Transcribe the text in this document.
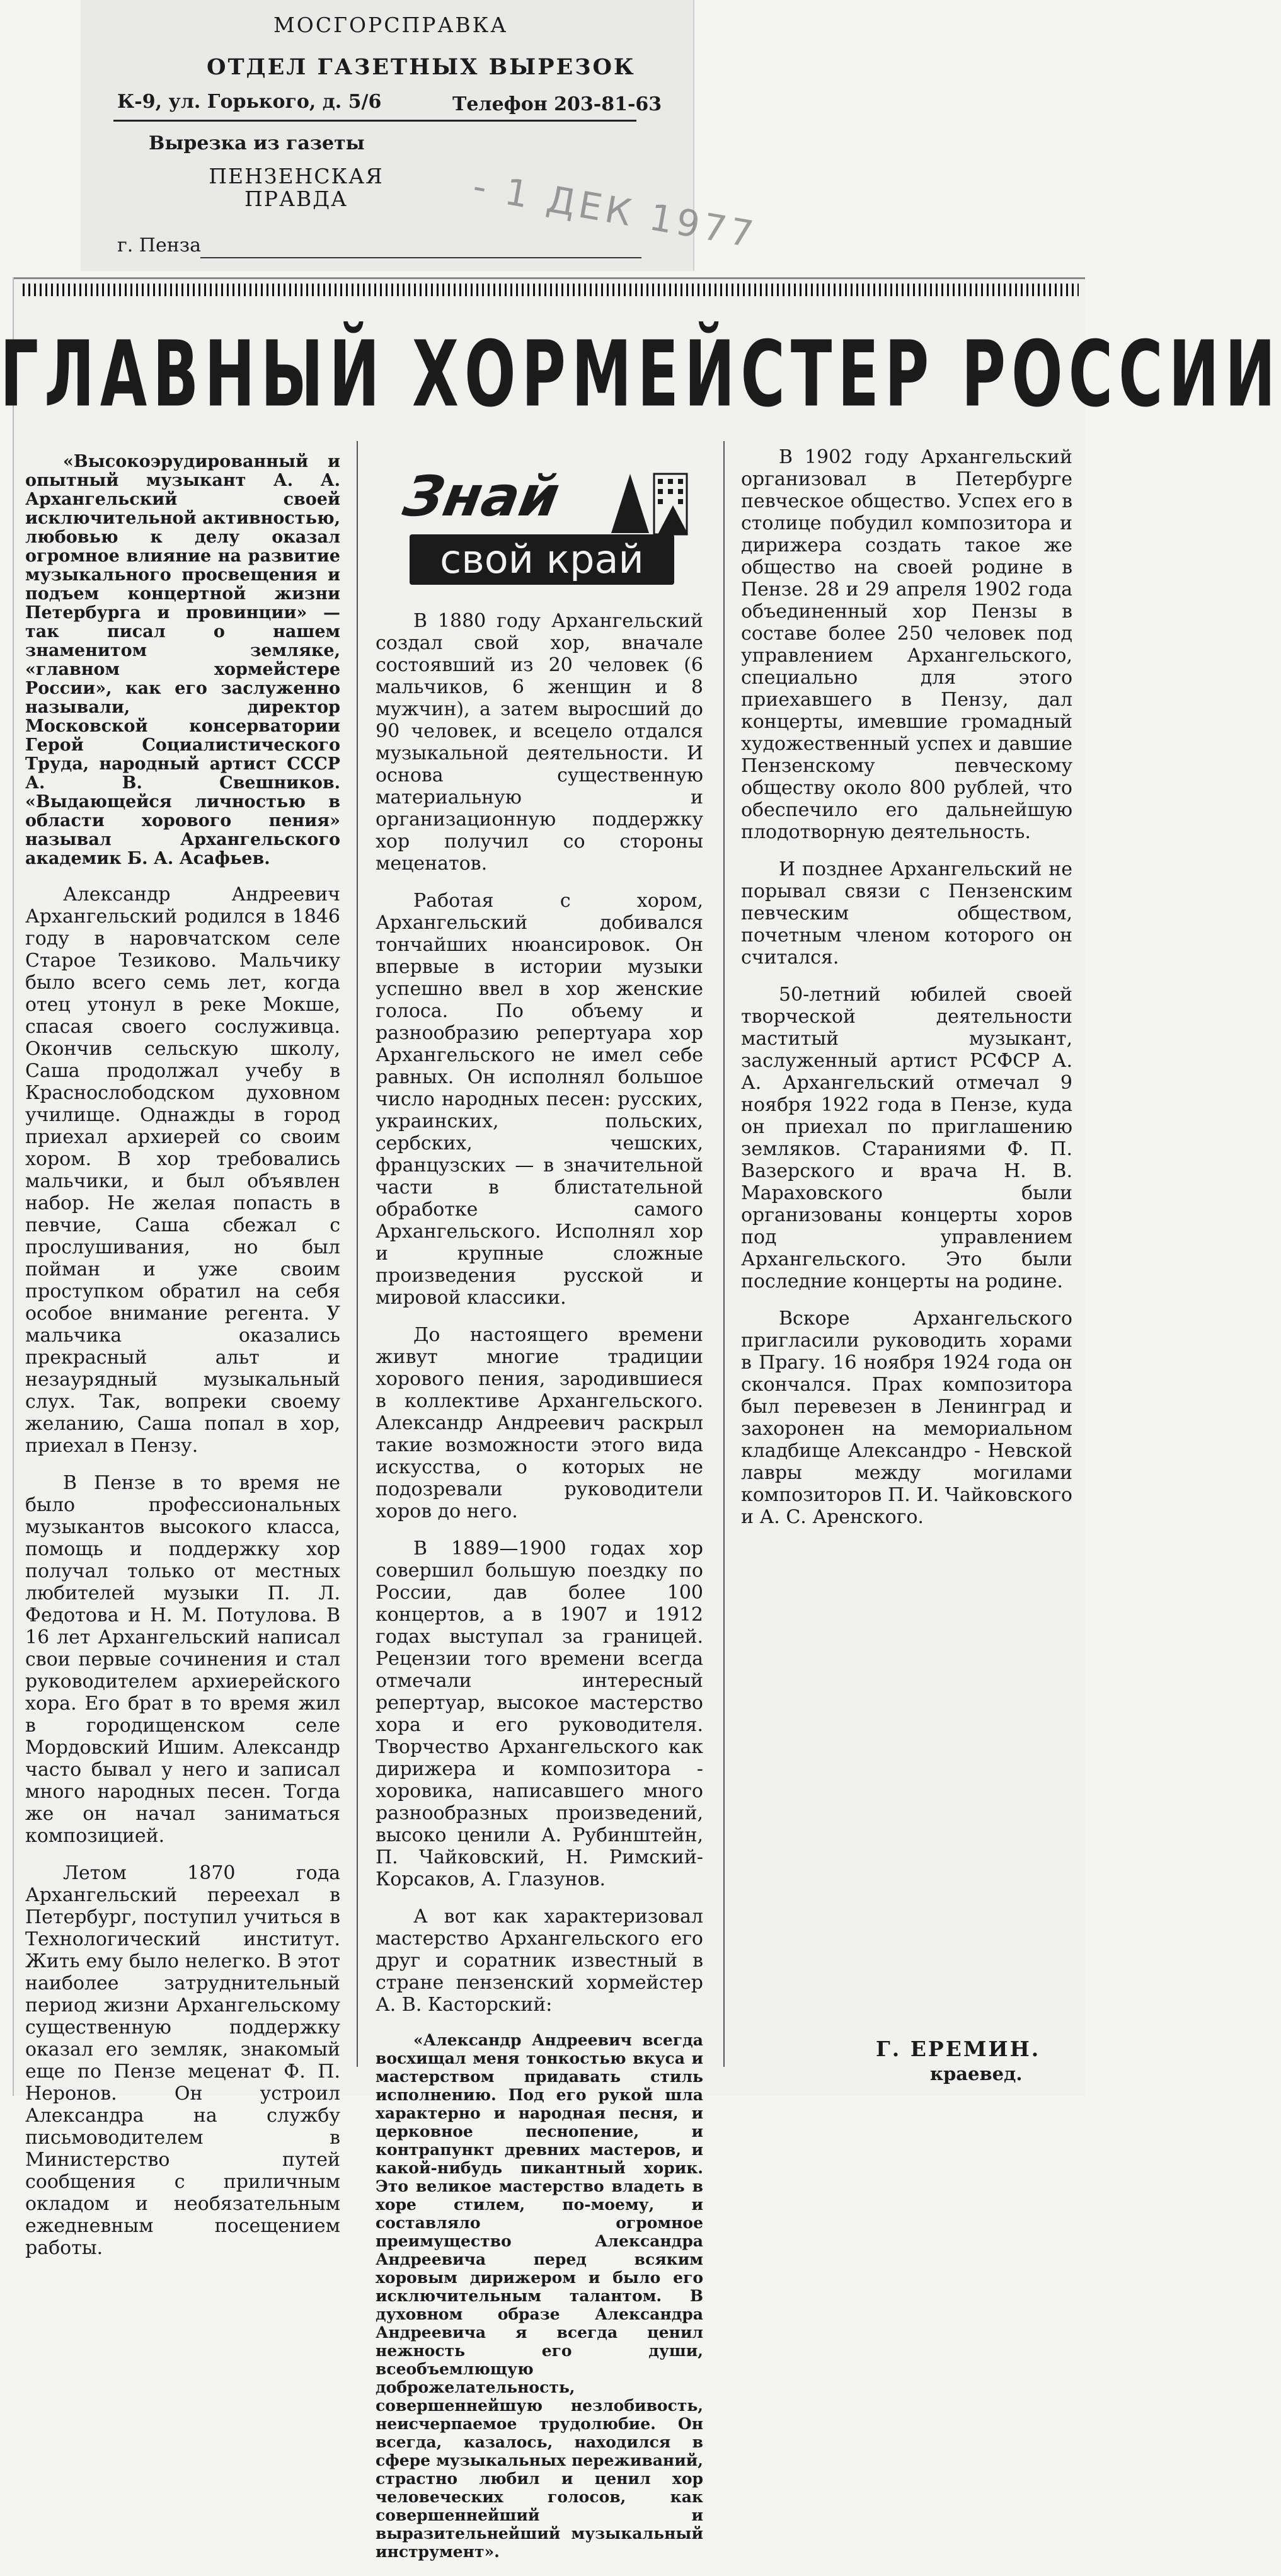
МОСГОРСПРАВКА
ОТДЕЛ ГАЗЕТНЫХ ВЫРЕЗОК
К-9, ул. Горького, д. 5/6	Телефон 203-81-63
Вырезка из газеты
ПЕНЗЕНСКАЯ ПРАВДА
г. Пенза	- 1 ДЕК 1977
ГЛАВНЫЙ ХОРМЕЙСТЕР РОССИИ
Знай
свой край

«Высокоэрудированный и опытный музыкант А. А. Архангельский своей исключительной активностью, любовью к делу оказал огромное влияние на развитие музыкального просвещения и подъем концертной жизни Петербурга и провинции» — так писал о нашем знаменитом земляке, «главном хормейстере России», как его заслуженно называли, директор Московской консерватории Герой Социалистического Труда, народный артист СССР А. В. Свешников. «Выдающейся личностью в области хорового пения» называл Архангельского академик Б. А. Асафьев.

Александр Андреевич Архангельский родился в 1846 году в наровчатском селе Старое Тезиково. Мальчику было всего семь лет, когда отец утонул в реке Мокше, спасая своего сослуживца. Окончив сельскую школу, Саша продолжал учебу в Краснослободском духовном училище. Однажды в город приехал архиерей со своим хором. В хор требовались мальчики, и был объявлен набор. Не желая попасть в певчие, Саша сбежал с прослушивания, но был пойман и уже своим проступком обратил на себя особое внимание регента. У мальчика оказались прекрасный альт и незаурядный музыкальный слух. Так, вопреки своему желанию, Саша попал в хор, приехал в Пензу.

В Пензе в то время не было профессиональных музыкантов высокого класса, помощь и поддержку хор получал только от местных любителей музыки П. Л. Федотова и Н. М. Потулова. В 16 лет Архангельский написал свои первые сочинения и стал руководителем архиерейского хора. Его брат в то время жил в городищенском селе Мордовский Ишим. Александр часто бывал у него и записал много народных песен. Тогда же он начал заниматься композицией.

Летом 1870 года Архангельский переехал в Петербург, поступил учиться в Технологический институт. Жить ему было нелегко. В этот наиболее затруднительный период жизни Архангельскому существенную поддержку оказал его земляк, знакомый еще по Пензе меценат Ф. П. Неронов. Он устроил Александра на службу письмоводителем в Министерство путей сообщения с приличным окладом и необязательным ежедневным посещением работы.

В 1880 году Архангельский создал свой хор, вначале состоявший из 20 человек (6 мальчиков, 6 женщин и 8 мужчин), а затем выросший до 90 человек, и всецело отдался музыкальной деятельности. И основа существенную материальную и организационную поддержку хор получил со стороны меценатов.

Работая с хором, Архангельский добивался тончайших нюансировок. Он впервые в истории музыки успешно ввел в хор женские голоса. По объему и разнообразию репертуара хор Архангельского не имел себе равных. Он исполнял большое число народных песен: русских, украинских, польских, сербских, чешских, французских — в значительной части в блистательной обработке самого Архангельского. Исполнял хор и крупные сложные произведения русской и мировой классики.

До настоящего времени живут многие традиции хорового пения, зародившиеся в коллективе Архангельского. Александр Андреевич раскрыл такие возможности этого вида искусства, о которых не подозревали руководители хоров до него.

В 1889—1900 годах хор совершил большую поездку по России, дав более 100 концертов, а в 1907 и 1912 годах выступал за границей. Рецензии того времени всегда отмечали интересный репертуар, высокое мастерство хора и его руководителя. Творчество Архангельского как дирижера и композитора - хоровика, написавшего много разнообразных произведений, высоко ценили А. Рубинштейн, П. Чайковский, Н. Римский-Корсаков, А. Глазунов.

А вот как характеризовал мастерство Архангельского его друг и соратник известный в стране пензенский хормейстер А. В. Касторский:

«Александр Андреевич всегда восхищал меня тонкостью вкуса и мастерством придавать стиль исполнению. Под его рукой шла характерно и народная песня, и церковное песнопение, и контрапункт древних мастеров, и какой-нибудь пикантный хорик. Это великое мастерство владеть в хоре стилем, по-моему, и составляло огромное преимущество Александра Андреевича перед всяким хоровым дирижером и было его исключительным талантом. В духовном образе Александра Андреевича я всегда ценил нежность его души, всеобъемлющую доброжелательность, совершеннейшую незлобивость, неисчерпаемое трудолюбие. Он всегда, казалось, находился в сфере музыкальных переживаний, страстно любил и ценил хор человеческих голосов, как совершеннейший и выразительнейший музыкальный инструмент».

В 1902 году Архангельский организовал в Петербурге певческое общество. Успех его в столице побудил композитора и дирижера создать такое же общество на своей родине в Пензе. 28 и 29 апреля 1902 года объединенный хор Пензы в составе более 250 человек под управлением Архангельского, специально для этого приехавшего в Пензу, дал концерты, имевшие громадный художественный успех и давшие Пензенскому певческому обществу около 800 рублей, что обеспечило его дальнейшую плодотворную деятельность.

И позднее Архангельский не порывал связи с Пензенским певческим обществом, почетным членом которого он считался.

50-летний юбилей своей творческой деятельности маститый музыкант, заслуженный артист РСФСР А. А. Архангельский отмечал 9 ноября 1922 года в Пензе, куда он приехал по приглашению земляков. Стараниями Ф. П. Вазерского и врача Н. В. Мараховского были организованы концерты хоров под управлением Архангельского. Это были последние концерты на родине.

Вскоре Архангельского пригласили руководить хорами в Прагу. 16 ноября 1924 года он скончался. Прах композитора был перевезен в Ленинград и захоронен на мемориальном кладбище Александро - Невской лавры между могилами композиторов П. И. Чайковского и А. С. Аренского.

Г. ЕРЕМИН.
краевед.
